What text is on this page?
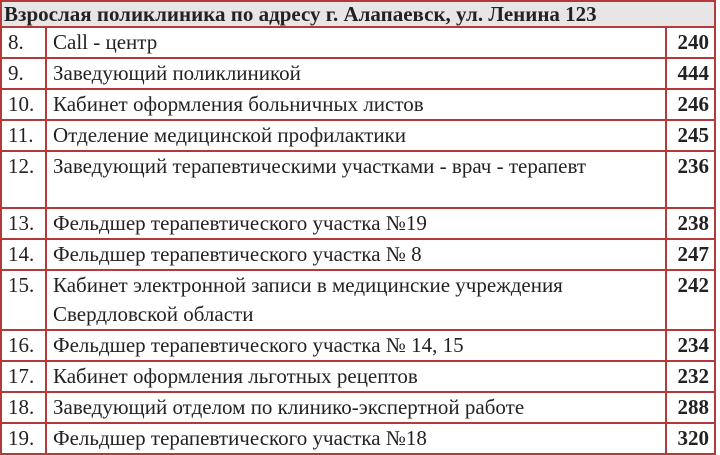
Взрослая поликлиника по адресу г. Алапаевск, ул. Ленина 123		
8.	Call - центр	240
9.	Заведующий поликлиникой	444
10.	Кабинет оформления больничных листов	246
11.	Отделение медицинской профилактики	245
12.	Заведующий терапевтическими участками - врач - терапевт	236
13.	Фельдшер терапевтического участка №19	238
14.	Фельдшер терапевтического участка № 8	247
15.	Кабинет электронной записи в медицинские учреждения Свердловской области	242
16.	Фельдшер терапевтического участка № 14, 15	234
17.	Кабинет оформления льготных рецептов	232
18.	Заведующий отделом по клинико-экспертной работе	288
19.	Фельдшер терапевтического участка №18	320
